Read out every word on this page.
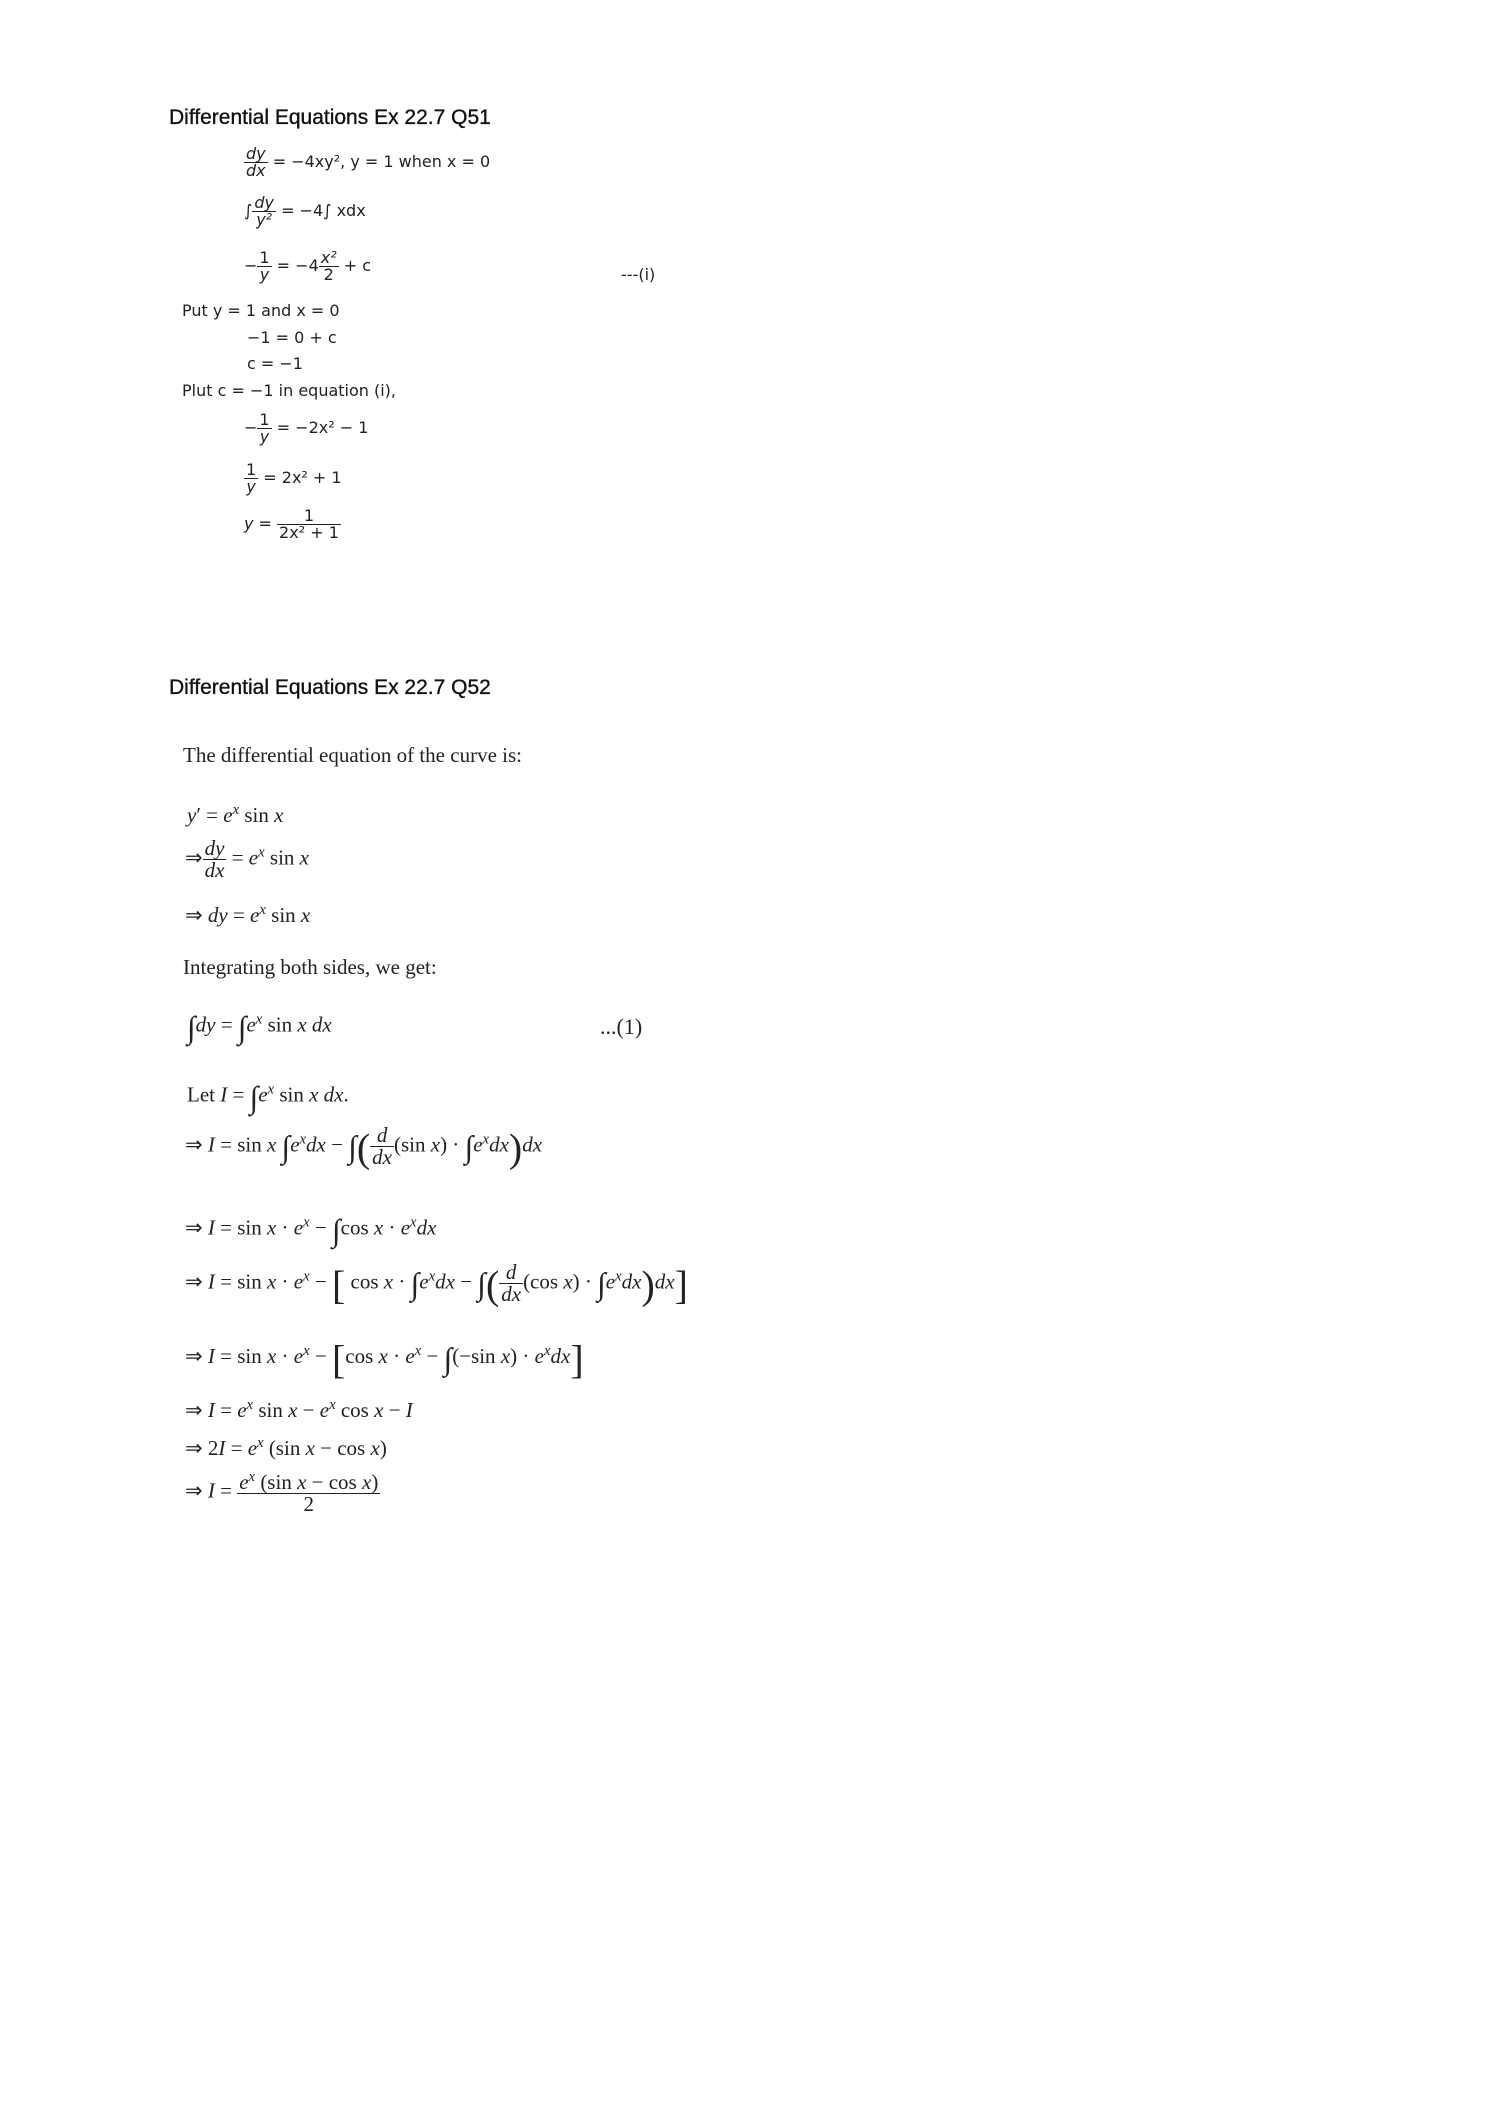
Differential Equations Ex 22.7 Q51
$\frac{dy}{dx} = -4xy^2$, y = 1 when x = 0
∫ $\frac{dy}{\text{y²}} = -4\int$ xdx
− $\frac{1}{y} = -4 \frac{\text{x²}}{2} + c$	---(i)
Put y = 1 and x = 0
−1 = 0 + c
c = −1
Plut c = −1 in equation (i),
− $\frac{1}{y} = -2x^2 - 1$
$\frac{1}{y} = 2x^2 + 1$
$y = \frac{1}{\text{2x² + 1}}$
Differential Equations Ex 22.7 Q52
The differential equation of the curve is:
$y' = e^x$ sin x
⇒ $\frac{dy}{dx} = e^x$ sin x
⇒ dy = $e^x$ sin x
Integrating both sides, we get:
$\int dy = \int e^x$ sin x dx	...(1)
Let $I = \int e^x$ sin x dx.
⇒ I = sin x $\int e^xdx$ − ∫( $\frac{d}{dx} (\sin$ $x) \cdot \int e^xdx)dx$
⇒ $I = \sin x \cdot e^x - \int\cos$ $x \cdot e^xdx$
⇒ $I = \sin x \cdot e^x$ − [ $\cos x \cdot \int e^xdx$ − ∫( $\frac{d}{dx} (\cos$ $x) \cdot \int e^xdx)dx$]
⇒ $I = \sin x \cdot e^x - [\cos$ $x \cdot e^x - \int(-\sin$ $x) \cdot e^xdx$]
⇒ $I = e^x$ $\sin x - e^x$ cos x − I
⇒ $2I = e^x$ (sin x − cos x)
⇒ $I = \frac{e^x (\sin x - \cos x)}{2}$
